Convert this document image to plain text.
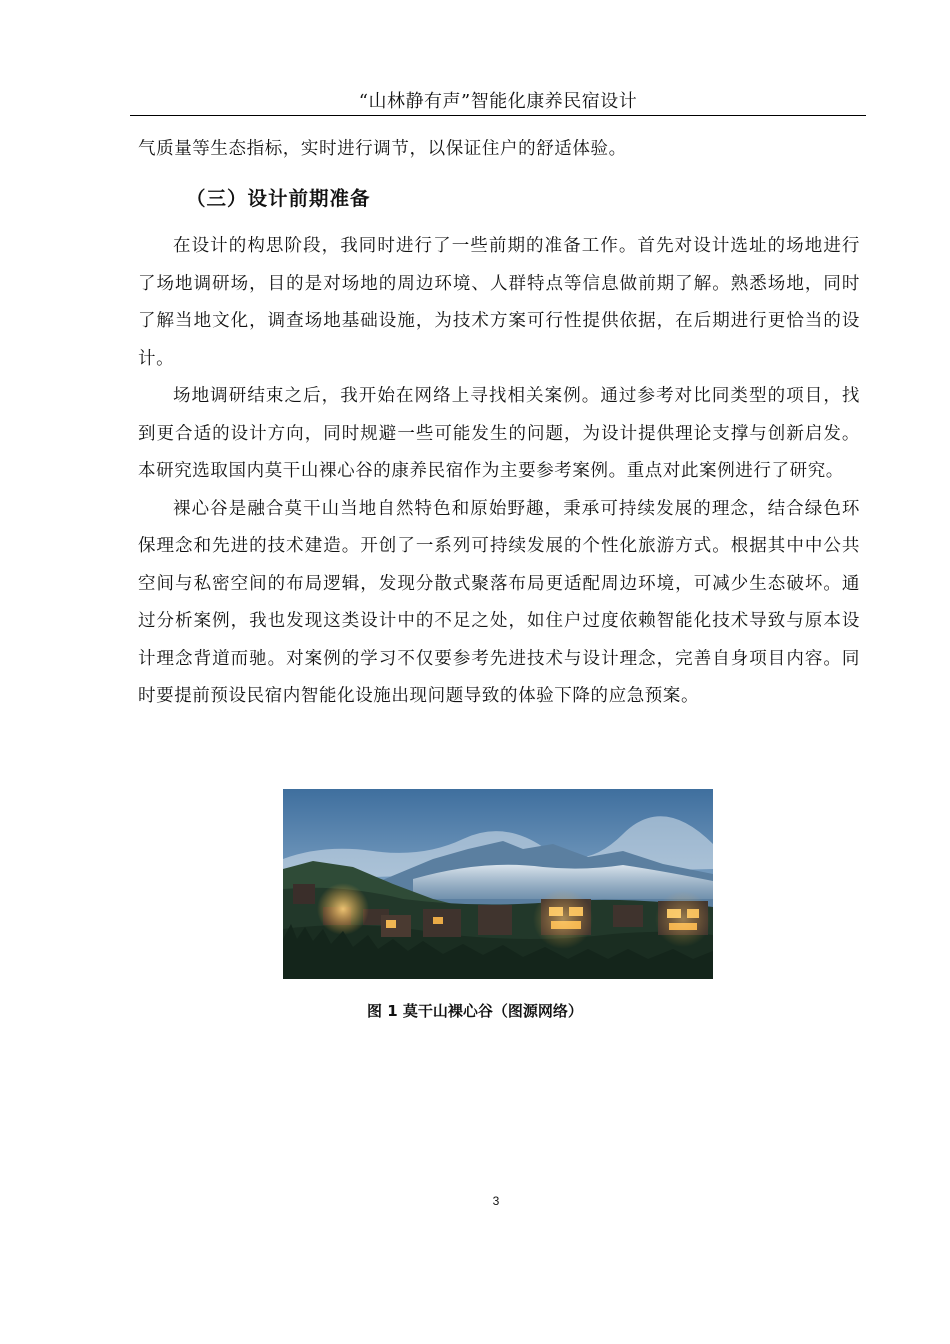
“山林静有声”智能化康养民宿设计
气质量等生态指标，实时进行调节，以保证住户的舒适体验。
（三）设计前期准备

在设计的构思阶段，我同时进行了一些前期的准备工作。首先对设计选址的场地进行了场地调研场，目的是对场地的周边环境、人群特点等信息做前期了解。熟悉场地，同时了解当地文化，调查场地基础设施，为技术方案可行性提供依据，在后期进行更恰当的设计。

场地调研结束之后，我开始在网络上寻找相关案例。通过参考对比同类型的项目，找到更合适的设计方向，同时规避一些可能发生的问题，为设计提供理论支撑与创新启发。本研究选取国内莫干山裸心谷的康养民宿作为主要参考案例。重点对此案例进行了研究。

裸心谷是融合莫干山当地自然特色和原始野趣，秉承可持续发展的理念，结合绿色环保理念和先进的技术建造。开创了一系列可持续发展的个性化旅游方式。根据其中中公共空间与私密空间的布局逻辑，发现分散式聚落布局更适配周边环境，可减少生态破坏。通过分析案例，我也发现这类设计中的不足之处，如住户过度依赖智能化技术导致与原本设计理念背道而驰。对案例的学习不仅要参考先进技术与设计理念，完善自身项目内容。同时要提前预设民宿内智能化设施出现问题导致的体验下降的应急预案。

图 1 莫干山裸心谷（图源网络）
3
